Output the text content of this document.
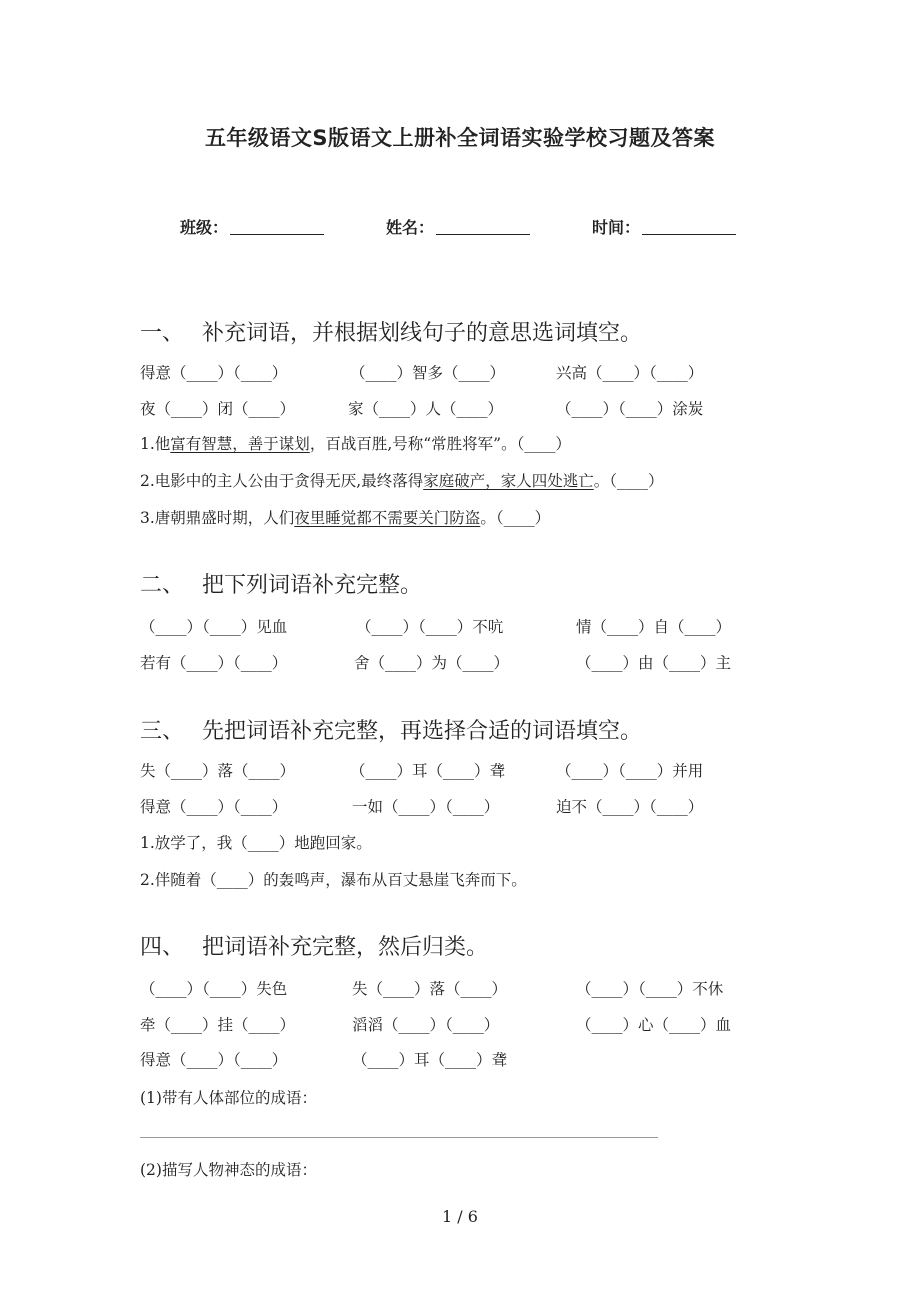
五年级语文S版语文上册补全词语实验学校习题及答案
班级：	姓名：	时间：
一、 补充词语，并根据划线句子的意思选词填空。
得意（____）（____）	（____）智多（____）	兴高（____）（____）
夜（____）闭（____）	家（____）人（____）	（____）（____）涂炭
1.他富有智慧，善于谋划，百战百胜,号称“常胜将军”。（____）
2.电影中的主人公由于贪得无厌,最终落得家庭破产，家人四处逃亡。（____）
3.唐朝鼎盛时期，人们夜里睡觉都不需要关门防盗。（____）
二、 把下列词语补充完整。
（____）（____）见血	（____）（____）不吭	情（____）自（____）
若有（____）（____）	舍（____）为（____）	（____）由（____）主
三、 先把词语补充完整，再选择合适的词语填空。
失（____）落（____）	（____）耳（____）聋	（____）（____）并用
得意（____）（____）	一如（____）（____）	迫不（____）（____）
1.放学了，我（____）地跑回家。
2.伴随着（____）的轰鸣声，瀑布从百丈悬崖飞奔而下。
四、 把词语补充完整，然后归类。
（____）（____）失色	失（____）落（____）	（____）（____）不休
牵（____）挂（____）	滔滔（____）（____）	（____）心（____）血
得意（____）（____）	（____）耳（____）聋
(1)带有人体部位的成语：
(2)描写人物神态的成语：
1 / 6
